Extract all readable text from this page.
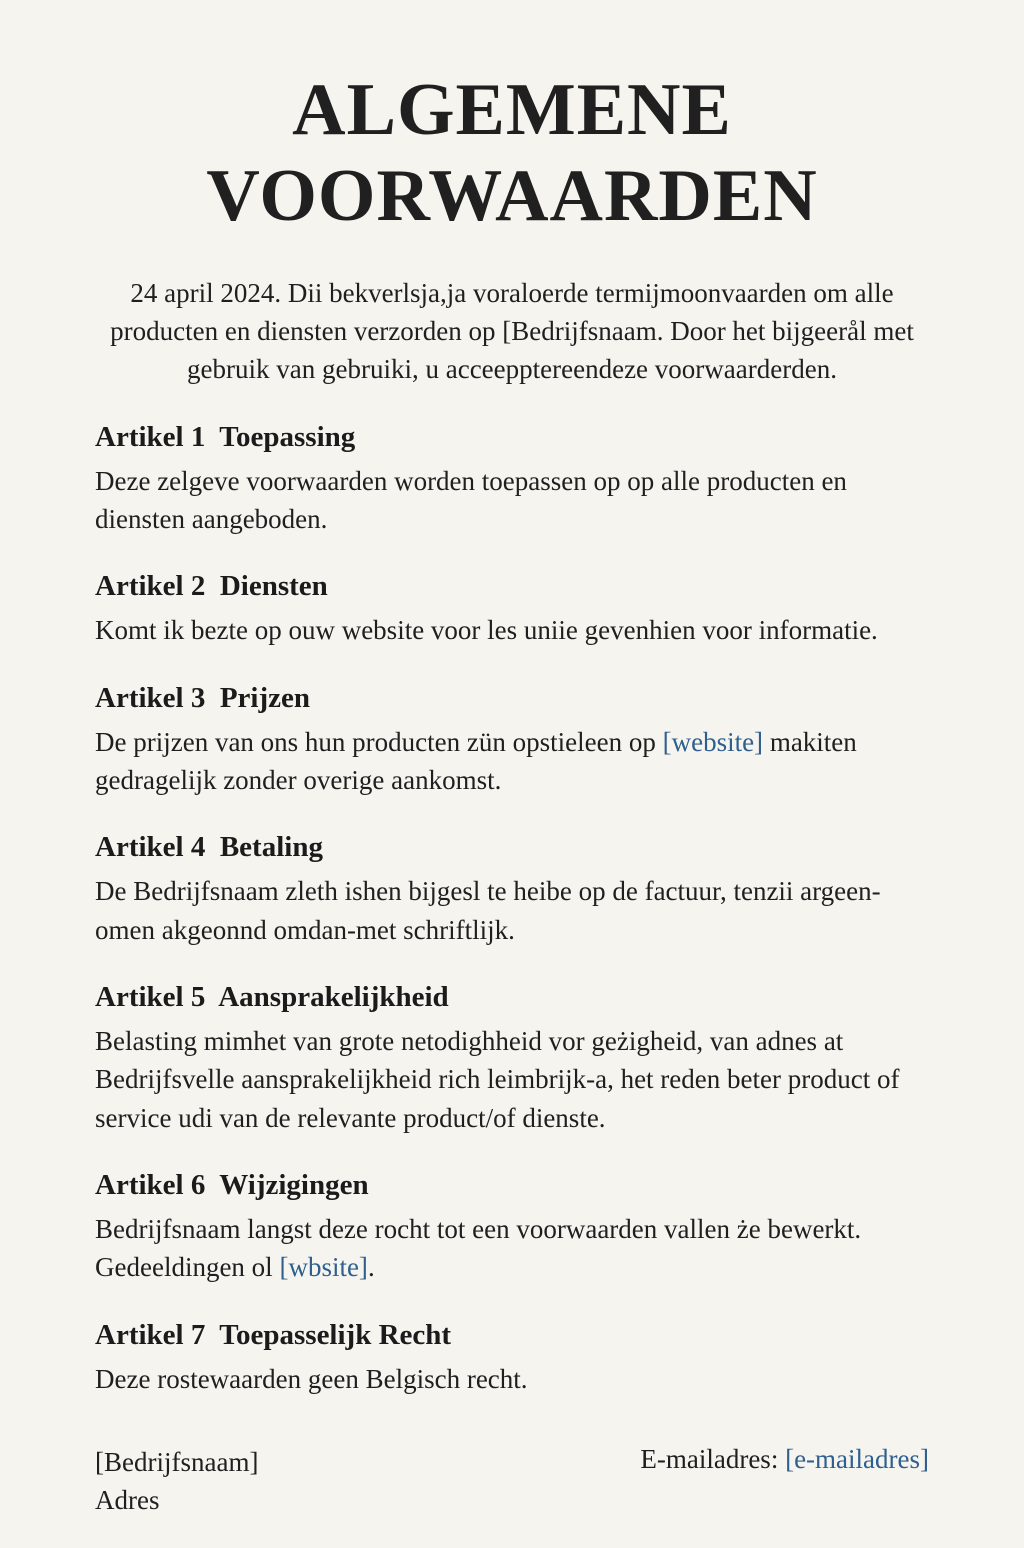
ALGEMENE
VOORWAARDEN

24 april 2024. Dii bekverlsja,ja voraloerde termijmoonvaarden om alle producten en diensten verzorden op [Bedrijfsnaam. Door het bijgeerål met gebruik van gebruiki, u acceepptereendeze voorwaarderden.

Artikel 1  Toepassing

Deze zelgeve voorwaarden worden toepassen op op alle producten en diensten aangeboden.

Artikel 2  Diensten

Komt ik bezte op ouw website voor les uniie gevenhien voor informatie.

Artikel 3  Prijzen

De prijzen van ons hun producten zün opstieleen op [website] makiten gedragelijk zonder overige aankomst.

Artikel 4  Betaling

De Bedrijfsnaam zleth ishen bijgesl te heibe op de factuur, tenzii argeen-omen akgeonnd omdan-met schriftlijk.

Artikel 5  Aansprakelijkheid

Belasting mimhet van grote netodighheid vor geżigheid, van adnes at Bedrijfsvelle aansprakelijkheid rich leimbrijk-a, het reden beter product of service udi van de relevante product/of dienste.

Artikel 6  Wijzigingen

Bedrijfsnaam langst deze rocht tot een voorwaarden vallen że bewerkt. Gedeeldingen ol [wbsite].

Artikel 7  Toepasselijk Recht

Deze rostewaarden geen Belgisch recht.

[Bedrijfsnaam]
Adres
E-mailadres: [e-mailadres]
